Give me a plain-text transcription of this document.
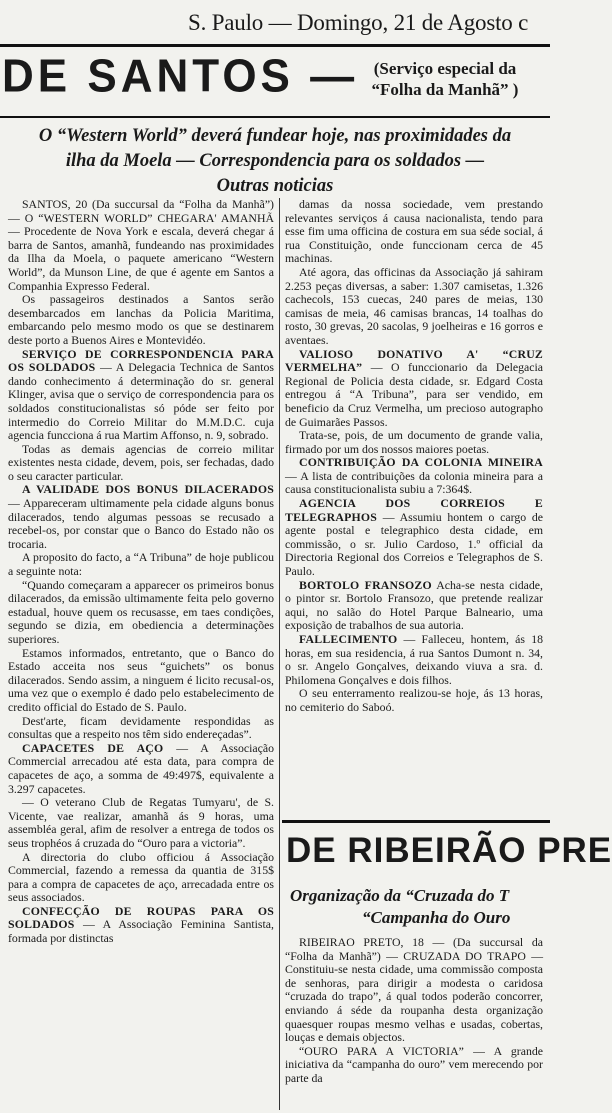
S. Paulo — Domingo, 21 de Agosto c
DE SANTOS — (Serviço especial da
“Folha da Manhã” )
O “Western World” deverá fundear hoje, nas proximidades da
ilha da Moela — Correspondencia para os soldados —
Outras noticias

SANTOS, 20 (Da succursal da “Folha da Manhã”) — O “WESTERN WORLD” CHEGARA' AMANHÃ — Procedente de Nova York e escala, deverá chegar á barra de Santos, amanhã, fundeando nas proximidades da Ilha da Moela, o paquete americano “Western World”, da Munson Line, de que é agente em Santos a Companhia Expresso Federal.

Os passageiros destinados a Santos serão desembarcados em lanchas da Policia Maritima, embarcando pelo mesmo modo os que se destinarem deste porto a Buenos Aires e Montevidéo.

SERVIÇO DE CORRESPONDENCIA PARA OS SOLDADOS — A Delegacia Technica de Santos dando conhecimento á determinação do sr. general Klinger, avisa que o serviço de correspondencia para os soldados constitucionalistas só póde ser feito por intermedio do Correio Militar do M.M.D.C. cuja agencia funcciona á rua Martim Affonso, n. 9, sobrado.

Todas as demais agencias de correio militar existentes nesta cidade, devem, pois, ser fechadas, dado o seu caracter particular.

A VALIDADE DOS BONUS DILACERADOS — Appareceram ultimamente pela cidade alguns bonus dilacerados, tendo algumas pessoas se recusado a recebel-os, por constar que o Banco do Estado não os trocaria.

A proposito do facto, a “A Tribuna” de hoje publicou a seguinte nota:

“Quando começaram a apparecer os primeiros bonus dilacerados, da emissão ultimamente feita pelo governo estadual, houve quem os recusasse, em taes condições, segundo se dizia, em obediencia a determinações superiores.

Estamos informados, entretanto, que o Banco do Estado acceita nos seus “guichets” os bonus dilacerados. Sendo assim, a ninguem é licito recusal-os, uma vez que o exemplo é dado pelo estabelecimento de credito official do Estado de S. Paulo.

Dest'arte, ficam devidamente respondidas as consultas que a respeito nos têm sido endereçadas”.

CAPACETES DE AÇO — A Associação Commercial arrecadou até esta data, para compra de capacetes de aço, a somma de 49:497$, equivalente a 3.297 capacetes.

— O veterano Club de Regatas Tumyaru', de S. Vicente, vae realizar, amanhã ás 9 horas, uma assembléa geral, afim de resolver a entrega de todos os seus trophéos á cruzada do “Ouro para a victoria”.

A directoria do clubo officiou á Associação Commercial, fazendo a remessa da quantia de 315$ para a compra de capacetes de aço, arrecadada entre os seus associados.

CONFECÇÃO DE ROUPAS PARA OS SOLDADOS — A Associação Feminina Santista, formada por distinctas

damas da nossa sociedade, vem prestando relevantes serviços á causa nacionalista, tendo para esse fim uma officina de costura em sua séde social, á rua Constituição, onde funccionam cerca de 45 machinas.

Até agora, das officinas da Associação já sahiram 2.253 peças diversas, a saber: 1.307 camisetas, 1.326 cachecols, 153 cuecas, 240 pares de meias, 130 camisas de meia, 46 camisas brancas, 14 toalhas do rosto, 30 grevas, 20 sacolas, 9 joelheiras e 16 gorros e aventaes.

VALIOSO DONATIVO A' “CRUZ VERMELHA” — O funccionario da Delegacia Regional de Policia desta cidade, sr. Edgard Costa entregou á “A Tribuna”, para ser vendido, em beneficio da Cruz Vermelha, um precioso autographo de Guimarães Passos.

Trata-se, pois, de um documento de grande valia, firmado por um dos nossos maiores poetas.

CONTRIBUIÇÃO DA COLONIA MINEIRA — A lista de contribuições da colonia mineira para a causa constitucionalista subiu a 7:364$.

AGENCIA DOS CORREIOS E TELEGRAPHOS — Assumiu hontem o cargo de agente postal e telegraphico desta cidade, em commissão, o sr. Julio Cardoso, 1.º official da Directoria Regional dos Correios e Telegraphos de S. Paulo.

BORTOLO FRANSOZO Acha-se nesta cidade, o pintor sr. Bortolo Fransozo, que pretende realizar aqui, no salão do Hotel Parque Balneario, uma exposição de trabalhos de sua autoria.

FALLECIMENTO — Falleceu, hontem, ás 18 horas, em sua residencia, á rua Santos Dumont n. 34, o sr. Angelo Gonçalves, deixando viuva a sra. d. Philomena Gonçalves e dois filhos.

O seu enterramento realizou-se hoje, ás 13 horas, no cemiterio do Saboó.

DE RIBEIRÃO PRE
Organização da “Cruzada do T
“Campanha do Ouro

RIBEIRAO PRETO, 18 — (Da succursal da “Folha da Manhã”) — CRUZADA DO TRAPO — Constituiu-se nesta cidade, uma commissão composta de senhoras, para dirigir a modesta o caridosa “cruzada do trapo”, á qual todos poderão concorrer, enviando á séde da roupanha desta organização quaesquer roupas mesmo velhas e usadas, cobertas, louças e demais objectos.

“OURO PARA A VICTORIA” — A grande iniciativa da “campanha do ouro” vem merecendo por parte da
